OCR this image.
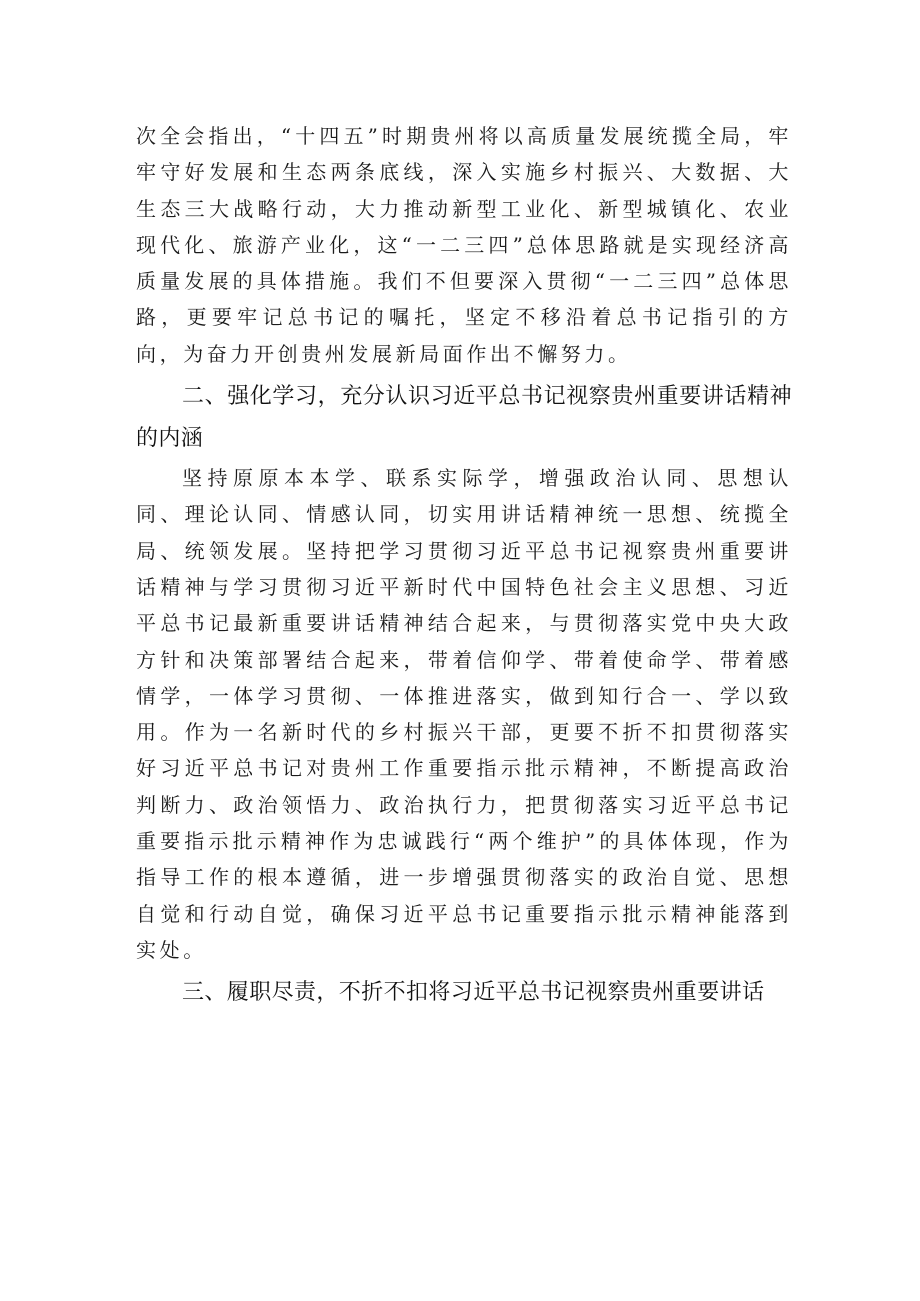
次全会指出，“十四五”时期贵州将以高质量发展统揽全局，牢牢守好发展和生态两条底线，深入实施乡村振兴、大数据、大生态三大战略行动，大力推动新型工业化、新型城镇化、农业现代化、旅游产业化，这“一二三四”总体思路就是实现经济高质量发展的具体措施。我们不但要深入贯彻“一二三四”总体思路，更要牢记总书记的嘱托，坚定不移沿着总书记指引的方向，为奋力开创贵州发展新局面作出不懈努力。

二、强化学习，充分认识习近平总书记视察贵州重要讲话精神的内涵

坚持原原本本学、联系实际学，增强政治认同、思想认同、理论认同、情感认同，切实用讲话精神统一思想、统揽全局、统领发展。坚持把学习贯彻习近平总书记视察贵州重要讲话精神与学习贯彻习近平新时代中国特色社会主义思想、习近平总书记最新重要讲话精神结合起来，与贯彻落实党中央大政方针和决策部署结合起来，带着信仰学、带着使命学、带着感情学，一体学习贯彻、一体推进落实，做到知行合一、学以致用。作为一名新时代的乡村振兴干部，更要不折不扣贯彻落实好习近平总书记对贵州工作重要指示批示精神，不断提高政治判断力、政治领悟力、政治执行力，把贯彻落实习近平总书记重要指示批示精神作为忠诚践行“两个维护”的具体体现，作为指导工作的根本遵循，进一步增强贯彻落实的政治自觉、思想自觉和行动自觉，确保习近平总书记重要指示批示精神能落到实处。

三、履职尽责，不折不扣将习近平总书记视察贵州重要讲话
